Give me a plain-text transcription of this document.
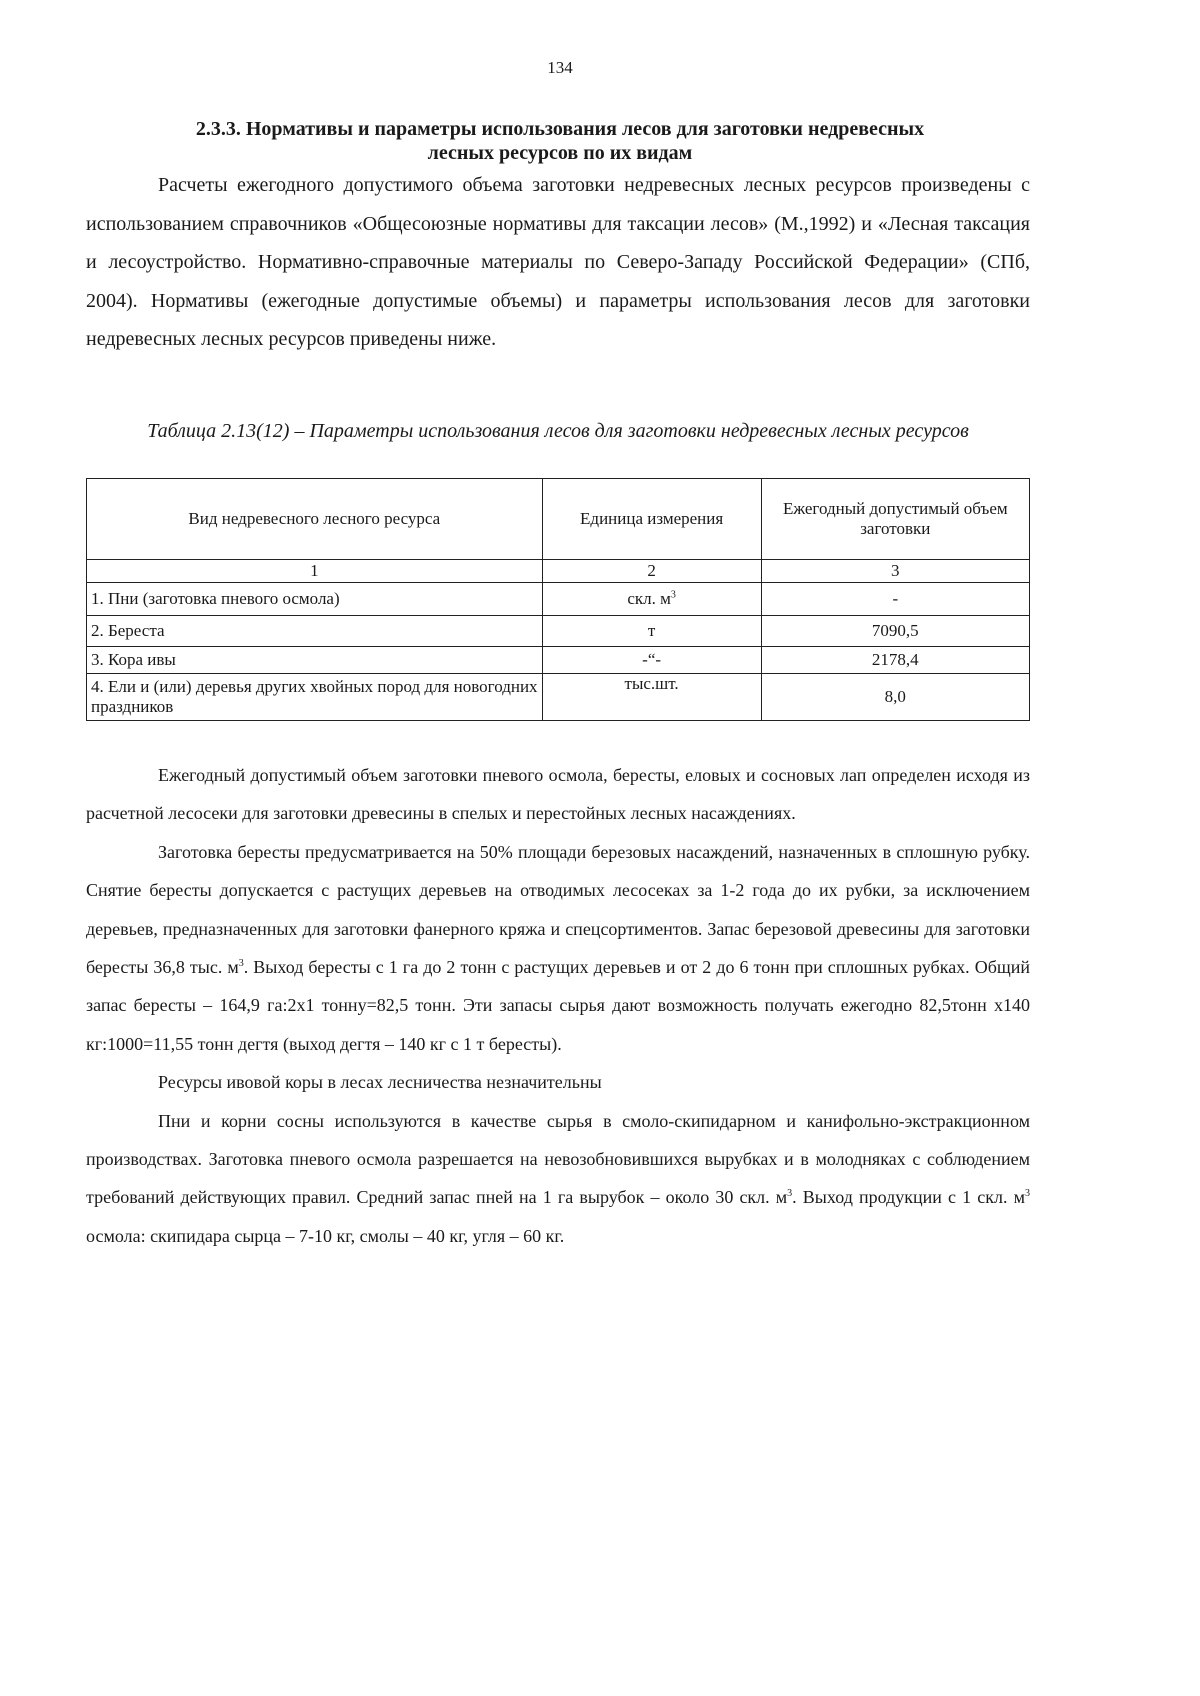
134
2.3.3. Нормативы и параметры использования лесов для заготовки недревесных лесных ресурсов по их видам

Расчеты ежегодного допустимого объема заготовки недревесных лесных ресурсов произведены с использованием справочников «Общесоюзные нормативы для таксации лесов» (М.,1992) и «Лесная таксация и лесоустройство. Нормативно-справочные материалы по Северо-Западу Российской Федерации» (СПб, 2004). Нормативы (ежегодные допустимые объемы) и параметры использования лесов для заготовки недревесных лесных ресурсов приведены ниже.

Таблица 2.13(12) – Параметры использования лесов для заготовки недревесных лесных ресурсов

Вид недревесного лесного ресурса	Единица измерения	Ежегодный допустимый объем заготовки
1	2	3
1. Пни (заготовка пневого осмола)	скл. $м^3$	-
2. Береста	т	7090,5
3. Кора ивы	-“-	2178,4
4. Ели и (или) деревья других хвойных пород для новогодних праздников	тыс.шт.	8,0

Ежегодный допустимый объем заготовки пневого осмола, бересты, еловых и сосновых лап определен исходя из расчетной лесосеки для заготовки древесины в спелых и перестойных лесных насаждениях.

Заготовка бересты предусматривается на 50% площади березовых насаждений, назначенных в сплошную рубку. Снятие бересты допускается с растущих деревьев на отводимых лесосеках за 1-2 года до их рубки, за исключением деревьев, предназначенных для заготовки фанерного кряжа и спецсортиментов. Запас березовой древесины для заготовки бересты 36,8 тыс. $м^3$. Выход бересты с 1 га до 2 тонн с растущих деревьев и от 2 до 6 тонн при сплошных рубках. Общий запас бересты – 164,9 га:2х1 тонну=82,5 тонн. Эти запасы сырья дают возможность получать ежегодно 82,5тонн х140 кг:1000=11,55 тонн дегтя (выход дегтя – 140 кг с 1 т бересты).

Ресурсы ивовой коры в лесах лесничества незначительны

Пни и корни сосны используются в качестве сырья в смоло-скипидарном и канифольно-экстракционном производствах. Заготовка пневого осмола разрешается на невозобновившихся вырубках и в молодняках с соблюдением требований действующих правил. Средний запас пней на 1 га вырубок – около 30 скл. $м^3$. Выход продукции с 1 скл. $м^3$ осмола: скипидара сырца – 7-10 кг, смолы – 40 кг, угля – 60 кг.
